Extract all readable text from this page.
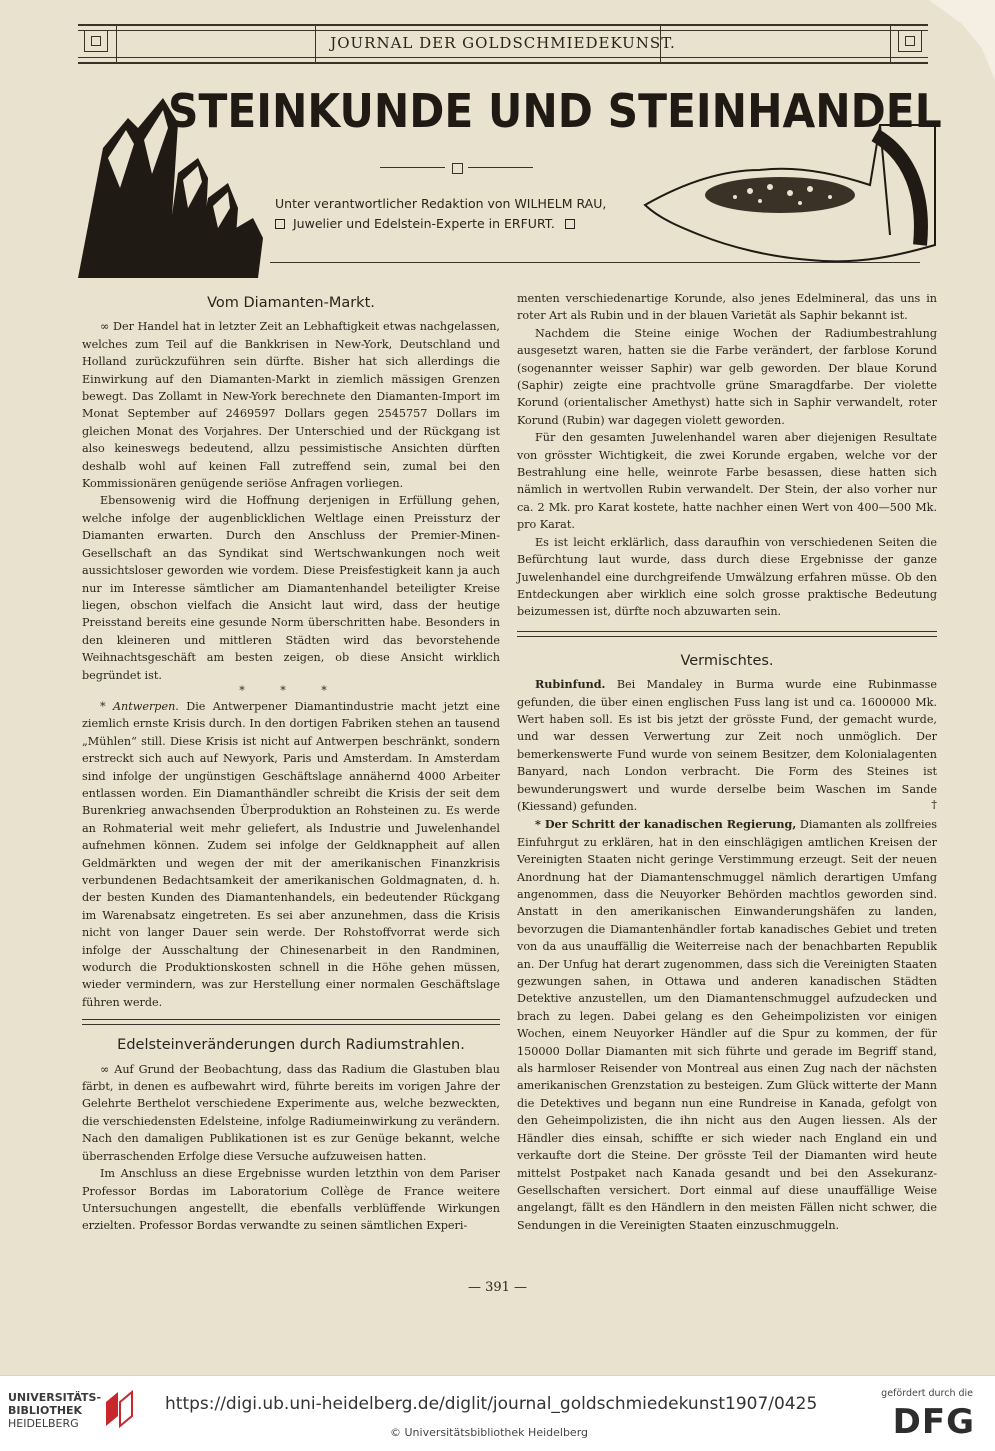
JOURNAL DER GOLDSCHMIEDEKUNST.
STEINKUNDE UND STEINHANDEL
Unter verantwortlicher Redaktion von WILHELM RAU,
Juwelier und Edelstein-Experte in ERFURT.
Vom Diamanten-Markt.

∞ Der Handel hat in letzter Zeit an Lebhaftigkeit etwas nachgelassen, welches zum Teil auf die Bankkrisen in New-York, Deutschland und Holland zurückzuführen sein dürfte. Bisher hat sich allerdings die Einwirkung auf den Diamanten-Markt in ziemlich mässigen Grenzen bewegt. Das Zollamt in New-York berechnete den Diamanten-Import im Monat September auf 2469597 Dollars gegen 2545757 Dollars im gleichen Monat des Vorjahres. Der Unterschied und der Rückgang ist also keineswegs bedeutend, allzu pessimistische Ansichten dürften deshalb wohl auf keinen Fall zutreffend sein, zumal bei den Kommissionären genügende seriöse Anfragen vorliegen.

Ebensowenig wird die Hoffnung derjenigen in Erfüllung gehen, welche infolge der augenblicklichen Weltlage einen Preissturz der Diamanten erwarten. Durch den Anschluss der Premier-Minen-Gesellschaft an das Syndikat sind Wertschwankungen noch weit aussichtsloser geworden wie vordem. Diese Preisfestigkeit kann ja auch nur im Interesse sämtlicher am Diamantenhandel beteiligter Kreise liegen, obschon vielfach die Ansicht laut wird, dass der heutige Preisstand bereits eine gesunde Norm überschritten habe. Besonders in den kleineren und mittleren Städten wird das bevorstehende Weihnachtsgeschäft am besten zeigen, ob diese Ansicht wirklich begründet ist.

* * *

* Antwerpen. Die Antwerpener Diamantindustrie macht jetzt eine ziemlich ernste Krisis durch. In den dortigen Fabriken stehen an tausend „Mühlen“ still. Diese Krisis ist nicht auf Antwerpen beschränkt, sondern erstreckt sich auch auf Newyork, Paris und Amsterdam. In Amsterdam sind infolge der ungünstigen Geschäftslage annähernd 4000 Arbeiter entlassen worden. Ein Diamanthändler schreibt die Krisis der seit dem Burenkrieg anwachsenden Überproduktion an Rohsteinen zu. Es werde an Rohmaterial weit mehr geliefert, als Industrie und Juwelenhandel aufnehmen können. Zudem sei infolge der Geldknappheit auf allen Geldmärkten und wegen der mit der amerikanischen Finanzkrisis verbundenen Bedachtsamkeit der amerikanischen Goldmagnaten, d. h. der besten Kunden des Diamantenhandels, ein bedeutender Rückgang im Warenabsatz eingetreten. Es sei aber anzunehmen, dass die Krisis nicht von langer Dauer sein werde. Der Rohstoffvorrat werde sich infolge der Ausschaltung der Chinesenarbeit in den Randminen, wodurch die Produktionskosten schnell in die Höhe gehen müssen, wieder vermindern, was zur Herstellung einer normalen Geschäftslage führen werde.

Edelsteinveränderungen durch Radiumstrahlen.

∞ Auf Grund der Beobachtung, dass das Radium die Glastuben blau färbt, in denen es aufbewahrt wird, führte bereits im vorigen Jahre der Gelehrte Berthelot verschiedene Experimente aus, welche bezweckten, die verschiedensten Edelsteine, infolge Radiumeinwirkung zu verändern. Nach den damaligen Publikationen ist es zur Genüge bekannt, welche überraschenden Erfolge diese Versuche aufzuweisen hatten.

Im Anschluss an diese Ergebnisse wurden letzthin von dem Pariser Professor Bordas im Laboratorium Collège de France weitere Untersuchungen angestellt, die ebenfalls verblüffende Wirkungen erzielten. Professor Bordas verwandte zu seinen sämtlichen Experi-

menten verschiedenartige Korunde, also jenes Edelmineral, das uns in roter Art als Rubin und in der blauen Varietät als Saphir bekannt ist.

Nachdem die Steine einige Wochen der Radiumbestrahlung ausgesetzt waren, hatten sie die Farbe verändert, der farblose Korund (sogenannter weisser Saphir) war gelb geworden. Der blaue Korund (Saphir) zeigte eine prachtvolle grüne Smaragdfarbe. Der violette Korund (orientalischer Amethyst) hatte sich in Saphir verwandelt, roter Korund (Rubin) war dagegen violett geworden.

Für den gesamten Juwelenhandel waren aber diejenigen Resultate von grösster Wichtigkeit, die zwei Korunde ergaben, welche vor der Bestrahlung eine helle, weinrote Farbe besassen, diese hatten sich nämlich in wertvollen Rubin verwandelt. Der Stein, der also vorher nur ca. 2 Mk. pro Karat kostete, hatte nachher einen Wert von 400—500 Mk. pro Karat.

Es ist leicht erklärlich, dass daraufhin von verschiedenen Seiten die Befürchtung laut wurde, dass durch diese Ergebnisse der ganze Juwelenhandel eine durchgreifende Umwälzung erfahren müsse. Ob den Entdeckungen aber wirklich eine solch grosse praktische Bedeutung beizumessen ist, dürfte noch abzuwarten sein.

Vermischtes.

Rubinfund. Bei Mandaley in Burma wurde eine Rubinmasse gefunden, die über einen englischen Fuss lang ist und ca. 1600000 Mk. Wert haben soll. Es ist bis jetzt der grösste Fund, der gemacht wurde, und war dessen Verwertung zur Zeit noch unmöglich. Der bemerkenswerte Fund wurde von seinem Besitzer, dem Kolonialagenten Banyard, nach London verbracht. Die Form des Steines ist bewunderungswert und wurde derselbe beim Waschen im Sande (Kiessand) gefunden.	†

* Der Schritt der kanadischen Regierung, Diamanten als zollfreies Einfuhrgut zu erklären, hat in den einschlägigen amtlichen Kreisen der Vereinigten Staaten nicht geringe Verstimmung erzeugt. Seit der neuen Anordnung hat der Diamantenschmuggel nämlich derartigen Umfang angenommen, dass die Neuyorker Behörden machtlos geworden sind. Anstatt in den amerikanischen Einwanderungshäfen zu landen, bevorzugen die Diamantenhändler fortab kanadisches Gebiet und treten von da aus unauffällig die Weiterreise nach der benachbarten Republik an. Der Unfug hat derart zugenommen, dass sich die Vereinigten Staaten gezwungen sahen, in Ottawa und anderen kanadischen Städten Detektive anzustellen, um den Diamantenschmuggel aufzudecken und brach zu legen. Dabei gelang es den Geheimpolizisten vor einigen Wochen, einem Neuyorker Händler auf die Spur zu kommen, der für 150000 Dollar Diamanten mit sich führte und gerade im Begriff stand, als harmloser Reisender von Montreal aus einen Zug nach der nächsten amerikanischen Grenzstation zu besteigen. Zum Glück witterte der Mann die Detektives und begann nun eine Rundreise in Kanada, gefolgt von den Geheimpolizisten, die ihn nicht aus den Augen liessen. Als der Händler dies einsah, schiffte er sich wieder nach England ein und verkaufte dort die Steine. Der grösste Teil der Diamanten wird heute mittelst Postpaket nach Kanada gesandt und bei den Assekuranz-Gesellschaften versichert. Dort einmal auf diese unauffällige Weise angelangt, fällt es den Händlern in den meisten Fällen nicht schwer, die Sendungen in die Vereinigten Staaten einzuschmuggeln.

— 391 —
UNIVERSITÄTS-
BIBLIOTHEK
HEIDELBERG
https://digi.ub.uni-heidelberg.de/diglit/journal_goldschmiedekunst1907/0425
© Universitätsbibliothek Heidelberg
gefördert durch die
DFG
